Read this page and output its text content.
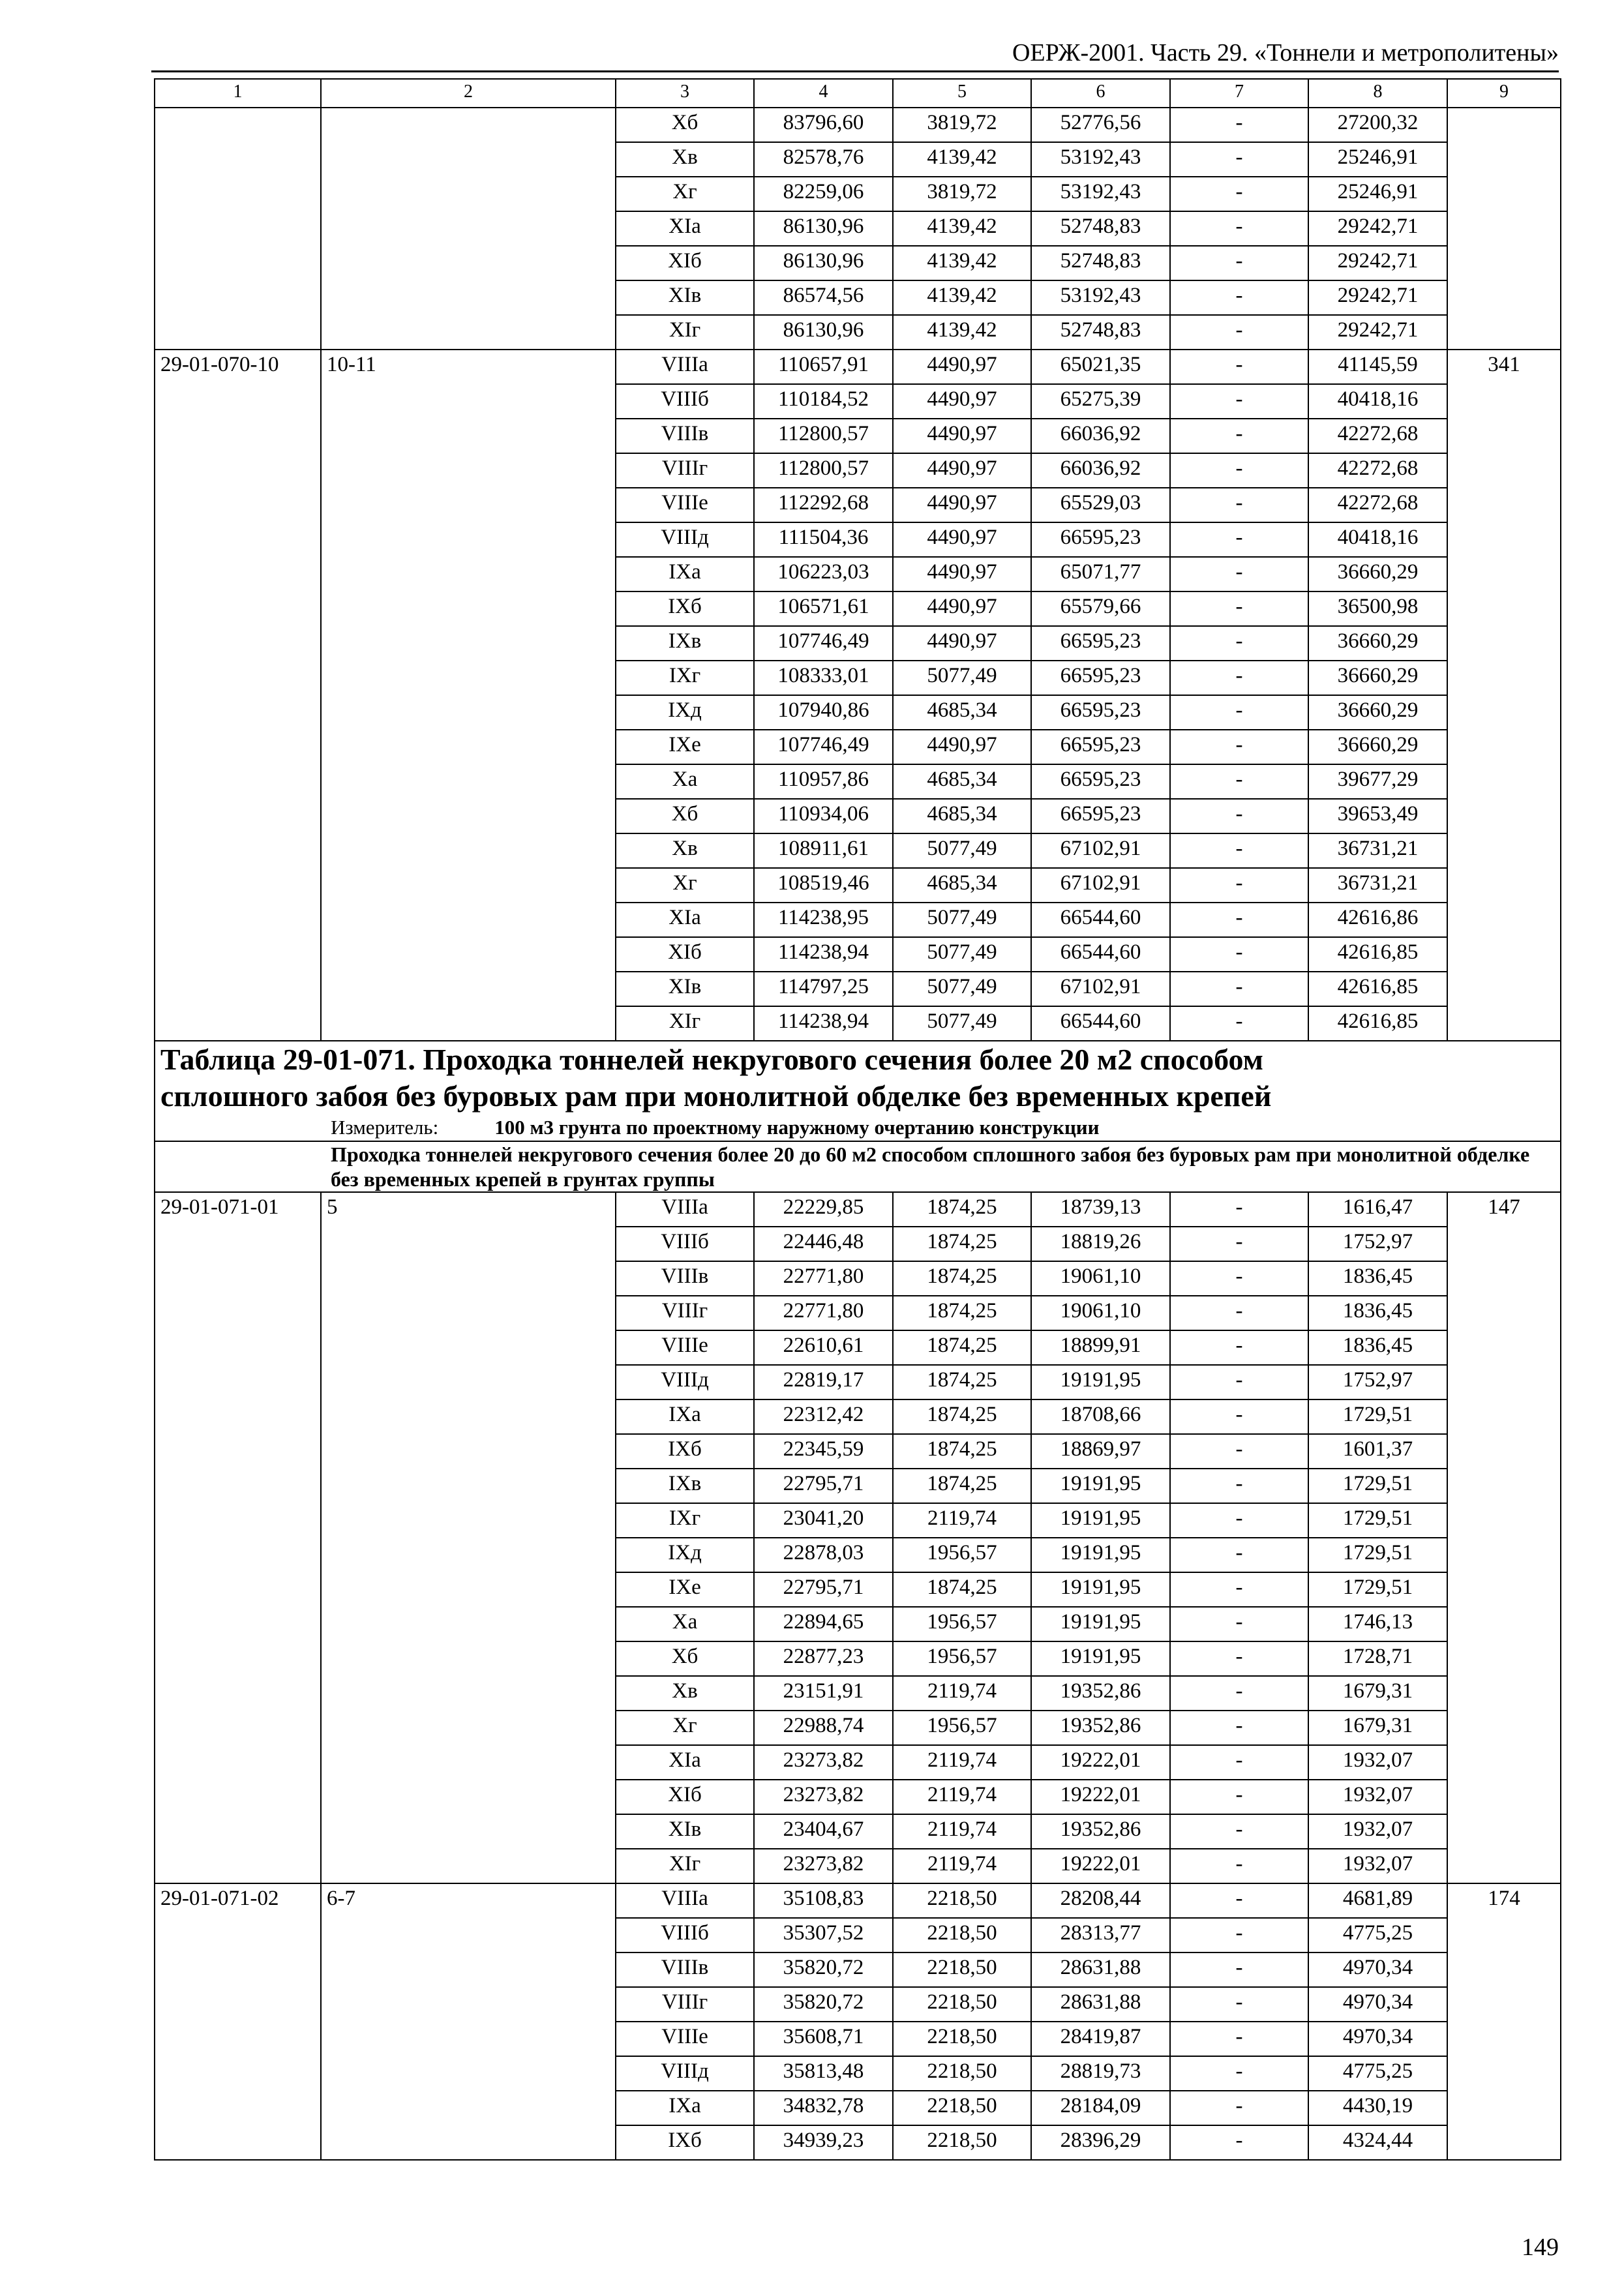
ОЕРЖ-2001. Часть 29. «Тоннели и метрополитены»
1	2	3	4	5	6	7	8	9
		Хб	83796,60	3819,72	52776,56	-	27200,32	
		Хв	82578,76	4139,42	53192,43	-	25246,91	
		Хг	82259,06	3819,72	53192,43	-	25246,91	
		XIа	86130,96	4139,42	52748,83	-	29242,71	
		XIб	86130,96	4139,42	52748,83	-	29242,71	
		XIв	86574,56	4139,42	53192,43	-	29242,71	
		XIг	86130,96	4139,42	52748,83	-	29242,71	
29-01-070-10	10-11	VIIIа	110657,91	4490,97	65021,35	-	41145,59	341
		VIIIб	110184,52	4490,97	65275,39	-	40418,16	
		VIIIв	112800,57	4490,97	66036,92	-	42272,68	
		VIIIг	112800,57	4490,97	66036,92	-	42272,68	
		VIIIе	112292,68	4490,97	65529,03	-	42272,68	
		VIIIд	111504,36	4490,97	66595,23	-	40418,16	
		IXа	106223,03	4490,97	65071,77	-	36660,29	
		IXб	106571,61	4490,97	65579,66	-	36500,98	
		IXв	107746,49	4490,97	66595,23	-	36660,29	
		IXг	108333,01	5077,49	66595,23	-	36660,29	
		IXд	107940,86	4685,34	66595,23	-	36660,29	
		IXе	107746,49	4490,97	66595,23	-	36660,29	
		Ха	110957,86	4685,34	66595,23	-	39677,29	
		Хб	110934,06	4685,34	66595,23	-	39653,49	
		Хв	108911,61	5077,49	67102,91	-	36731,21	
		Хг	108519,46	4685,34	67102,91	-	36731,21	
		XIа	114238,95	5077,49	66544,60	-	42616,86	
		XIб	114238,94	5077,49	66544,60	-	42616,85	
		XIв	114797,25	5077,49	67102,91	-	42616,85	
		XIг	114238,94	5077,49	66544,60	-	42616,85	

Таблица 29-01-071. Проходка тоннелей некругового сечения более 20 м2 способом
сплошного забоя без буровых рам при монолитной обделке без временных крепей
Измеритель: 100 м3 грунта по проектному наружному очертанию конструкции								

Проходка тоннелей некругового сечения более 20 до 60 м2 способом сплошного забоя без буровых рам при монолитной обделке без временных крепей в грунтах группы								

29-01-071-01	5	VIIIа	22229,85	1874,25	18739,13	-	1616,47	147
		VIIIб	22446,48	1874,25	18819,26	-	1752,97	
		VIIIв	22771,80	1874,25	19061,10	-	1836,45	
		VIIIг	22771,80	1874,25	19061,10	-	1836,45	
		VIIIе	22610,61	1874,25	18899,91	-	1836,45	
		VIIIд	22819,17	1874,25	19191,95	-	1752,97	
		IXа	22312,42	1874,25	18708,66	-	1729,51	
		IXб	22345,59	1874,25	18869,97	-	1601,37	
		IXв	22795,71	1874,25	19191,95	-	1729,51	
		IXг	23041,20	2119,74	19191,95	-	1729,51	
		IXд	22878,03	1956,57	19191,95	-	1729,51	
		IXе	22795,71	1874,25	19191,95	-	1729,51	
		Ха	22894,65	1956,57	19191,95	-	1746,13	
		Хб	22877,23	1956,57	19191,95	-	1728,71	
		Хв	23151,91	2119,74	19352,86	-	1679,31	
		Хг	22988,74	1956,57	19352,86	-	1679,31	
		XIа	23273,82	2119,74	19222,01	-	1932,07	
		XIб	23273,82	2119,74	19222,01	-	1932,07	
		XIв	23404,67	2119,74	19352,86	-	1932,07	
		XIг	23273,82	2119,74	19222,01	-	1932,07	
29-01-071-02	6-7	VIIIа	35108,83	2218,50	28208,44	-	4681,89	174
		VIIIб	35307,52	2218,50	28313,77	-	4775,25	
		VIIIв	35820,72	2218,50	28631,88	-	4970,34	
		VIIIг	35820,72	2218,50	28631,88	-	4970,34	
		VIIIе	35608,71	2218,50	28419,87	-	4970,34	
		VIIIд	35813,48	2218,50	28819,73	-	4775,25	
		IXа	34832,78	2218,50	28184,09	-	4430,19	
		IXб	34939,23	2218,50	28396,29	-	4324,44	
149
